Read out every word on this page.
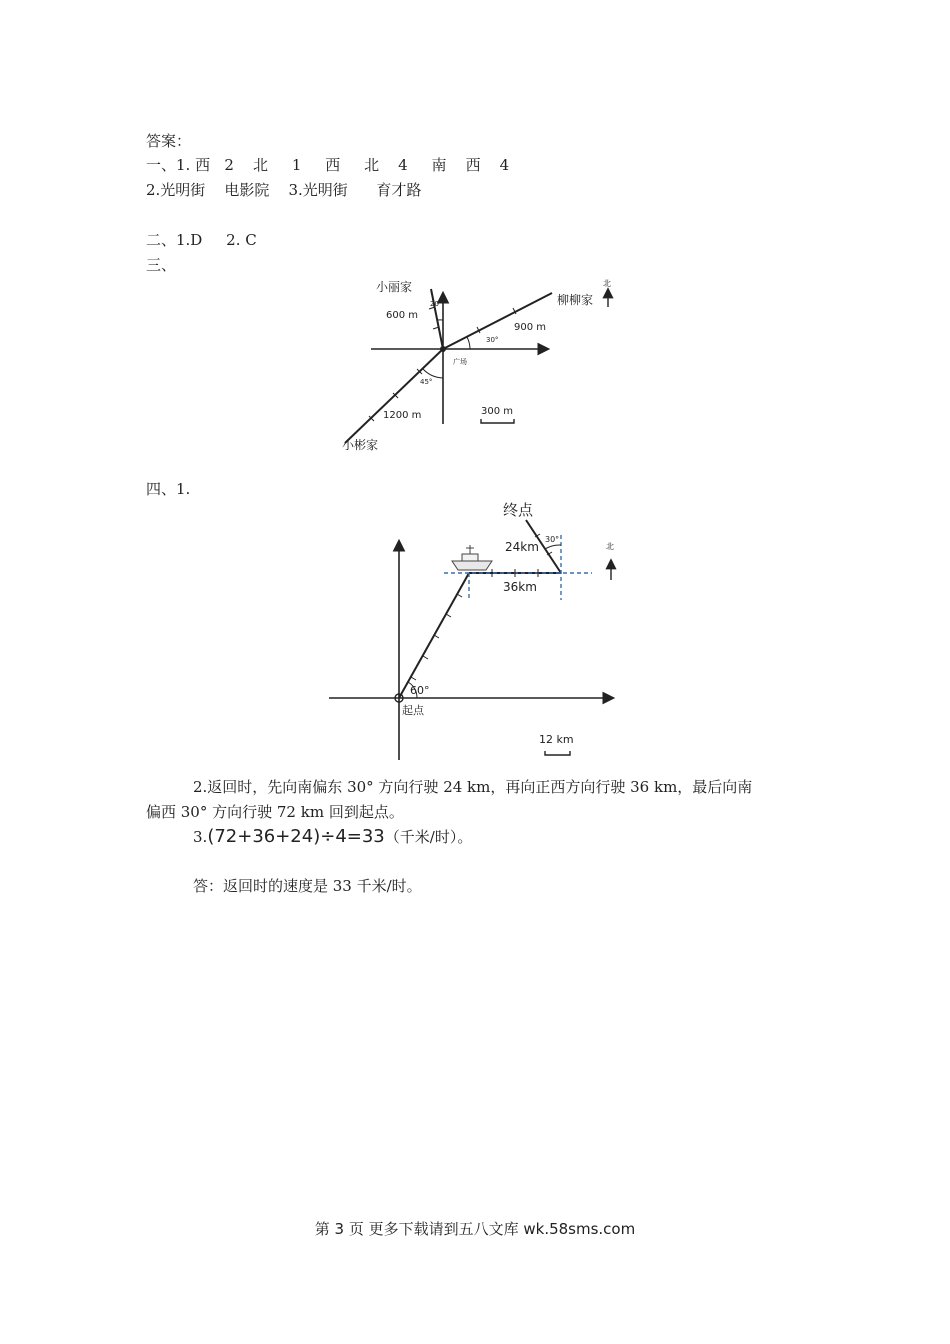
答案：
一、1. 西   2    北     1     西     北    4     南    西    4
2.光明街    电影院    3.光明街      育才路
二、1.D     2. C
三、
小丽家
柳柳家
小彬家
广场
北
600 m
900 m
1200 m
20°
30°
45°
300 m
四、1.
终点
起点
北
24km
36km
30°
60°
12 km
2.返回时，先向南偏东 30° 方向行驶 24 km，再向正西方向行驶 36 km，最后向南
偏西 30° 方向行驶 72 km 回到起点。
3.(72+36+24)÷4=33（千米/时）。
答：返回时的速度是 33 千米/时。
第 3 页 更多下载请到五八文库 wk.58sms.com
